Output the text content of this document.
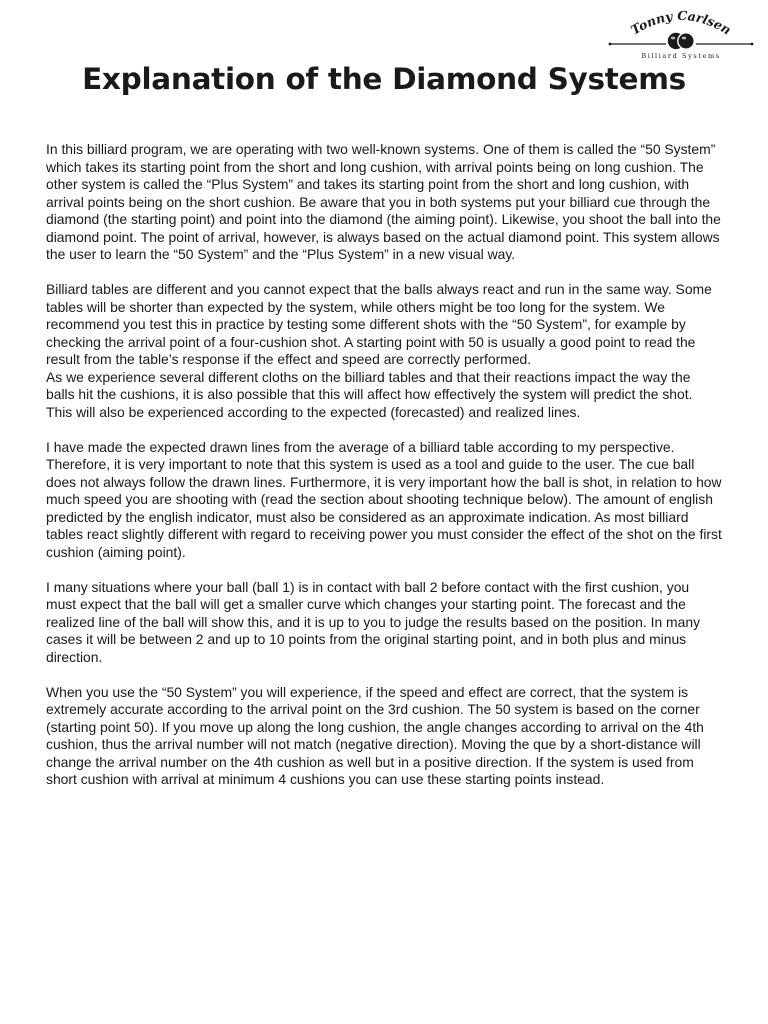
Tonny Carlsen
Billiard Systems
Explanation of the Diamond Systems

In this billiard program, we are operating with two well-known systems. One of them is called the “50 System” which takes its starting point from the short and long cushion, with arrival points being on long cushion. The other system is called the “Plus System” and takes its starting point from the short and long cushion, with arrival points being on the short cushion. Be aware that you in both systems put your billiard cue through the diamond (the starting point) and point into the diamond (the aiming point). Likewise, you shoot the ball into the diamond point. The point of arrival, however, is always based on the actual diamond point. This system allows the user to learn the “50 System” and the “Plus System” in a new visual way.

Billiard tables are different and you cannot expect that the balls always react and run in the same way. Some tables will be shorter than expected by the system, while others might be too long for the system. We recommend you test this in practice by testing some different shots with the “50 System”, for example by checking the arrival point of a four-cushion shot. A starting point with 50 is usually a good point to read the result from the table’s response if the effect and speed are correctly performed.
As we experience several different cloths on the billiard tables and that their reactions impact the way the balls hit the cushions, it is also possible that this will affect how effectively the system will predict the shot. This will also be experienced according to the expected (forecasted) and realized lines.

I have made the expected drawn lines from the average of a billiard table according to my perspective. Therefore, it is very important to note that this system is used as a tool and guide to the user. The cue ball does not always follow the drawn lines. Furthermore, it is very important how the ball is shot, in relation to how much speed you are shooting with (read the section about shooting technique below). The amount of english predicted by the english indicator, must also be considered as an approximate indication. As most billiard tables react slightly different with regard to receiving power you must consider the effect of the shot on the first cushion (aiming point).

I many situations where your ball (ball 1) is in contact with ball 2 before contact with the first cushion, you must expect that the ball will get a smaller curve which changes your starting point. The forecast and the realized line of the ball will show this, and it is up to you to judge the results based on the position. In many cases it will be between 2 and up to 10 points from the original starting point, and in both plus and minus direction.

When you use the “50 System” you will experience, if the speed and effect are correct, that the system is extremely accurate according to the arrival point on the 3rd cushion. The 50 system is based on the corner (starting point 50). If you move up along the long cushion, the angle changes according to arrival on the 4th cushion, thus the arrival number will not match (negative direction). Moving the que by a short-distance will change the arrival number on the 4th cushion as well but in a positive direction. If the system is used from short cushion with arrival at minimum 4 cushions you can use these starting points instead.
